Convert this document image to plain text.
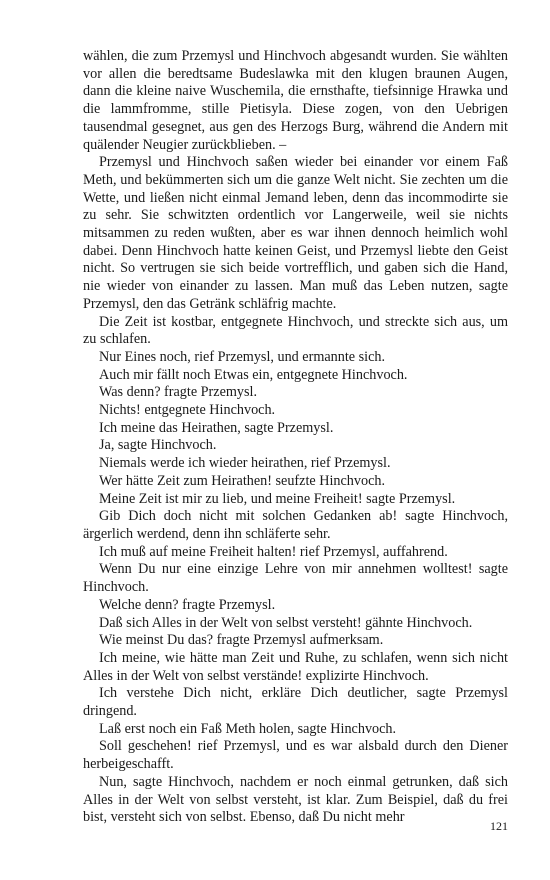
wählen, die zum Przemysl und Hinchvoch abgesandt wurden. Sie wählten vor allen die beredtsame Budeslawka mit den klugen braunen Augen, dann die kleine naive Wuschemila, die ernsthafte, tiefsinnige Hrawka und die lammfromme, stille Pietisyla. Diese zogen, von den Uebrigen tausendmal gesegnet, aus gen des Herzogs Burg, während die Andern mit quälender Neugier zurückblieben. –

Przemysl und Hinchvoch saßen wieder bei einander vor einem Faß Meth, und bekümmerten sich um die ganze Welt nicht. Sie zechten um die Wette, und ließen nicht einmal Jemand leben, denn das incommodirte sie zu sehr. Sie schwitzten ordentlich vor Langerweile, weil sie nichts mitsammen zu reden wußten, aber es war ihnen dennoch heimlich wohl dabei. Denn Hinchvoch hatte keinen Geist, und Przemysl liebte den Geist nicht. So vertrugen sie sich beide vortrefflich, und gaben sich die Hand, nie wieder von einander zu lassen. Man muß das Leben nutzen, sagte Przemysl, den das Getränk schläfrig machte.

Die Zeit ist kostbar, entgegnete Hinchvoch, und streckte sich aus, um zu schlafen.

Nur Eines noch, rief Przemysl, und ermannte sich.

Auch mir fällt noch Etwas ein, entgegnete Hinchvoch.

Was denn? fragte Przemysl.

Nichts! entgegnete Hinchvoch.

Ich meine das Heirathen, sagte Przemysl.

Ja, sagte Hinchvoch.

Niemals werde ich wieder heirathen, rief Przemysl.

Wer hätte Zeit zum Heirathen! seufzte Hinchvoch.

Meine Zeit ist mir zu lieb, und meine Freiheit! sagte Przemysl.

Gib Dich doch nicht mit solchen Gedanken ab! sagte Hinchvoch, ärgerlich werdend, denn ihn schläferte sehr.

Ich muß auf meine Freiheit halten! rief Przemysl, auffahrend.

Wenn Du nur eine einzige Lehre von mir annehmen wolltest! sagte Hinchvoch.

Welche denn? fragte Przemysl.

Daß sich Alles in der Welt von selbst versteht! gähnte Hinchvoch.

Wie meinst Du das? fragte Przemysl aufmerksam.

Ich meine, wie hätte man Zeit und Ruhe, zu schlafen, wenn sich nicht Alles in der Welt von selbst verstände! explizirte Hinchvoch.

Ich verstehe Dich nicht, erkläre Dich deutlicher, sagte Przemysl dringend.

Laß erst noch ein Faß Meth holen, sagte Hinchvoch.

Soll geschehen! rief Przemysl, und es war alsbald durch den Diener herbeigeschafft.

Nun, sagte Hinchvoch, nachdem er noch einmal getrunken, daß sich Alles in der Welt von selbst versteht, ist klar. Zum Beispiel, daß du frei bist, versteht sich von selbst. Ebenso, daß Du nicht mehr

121
